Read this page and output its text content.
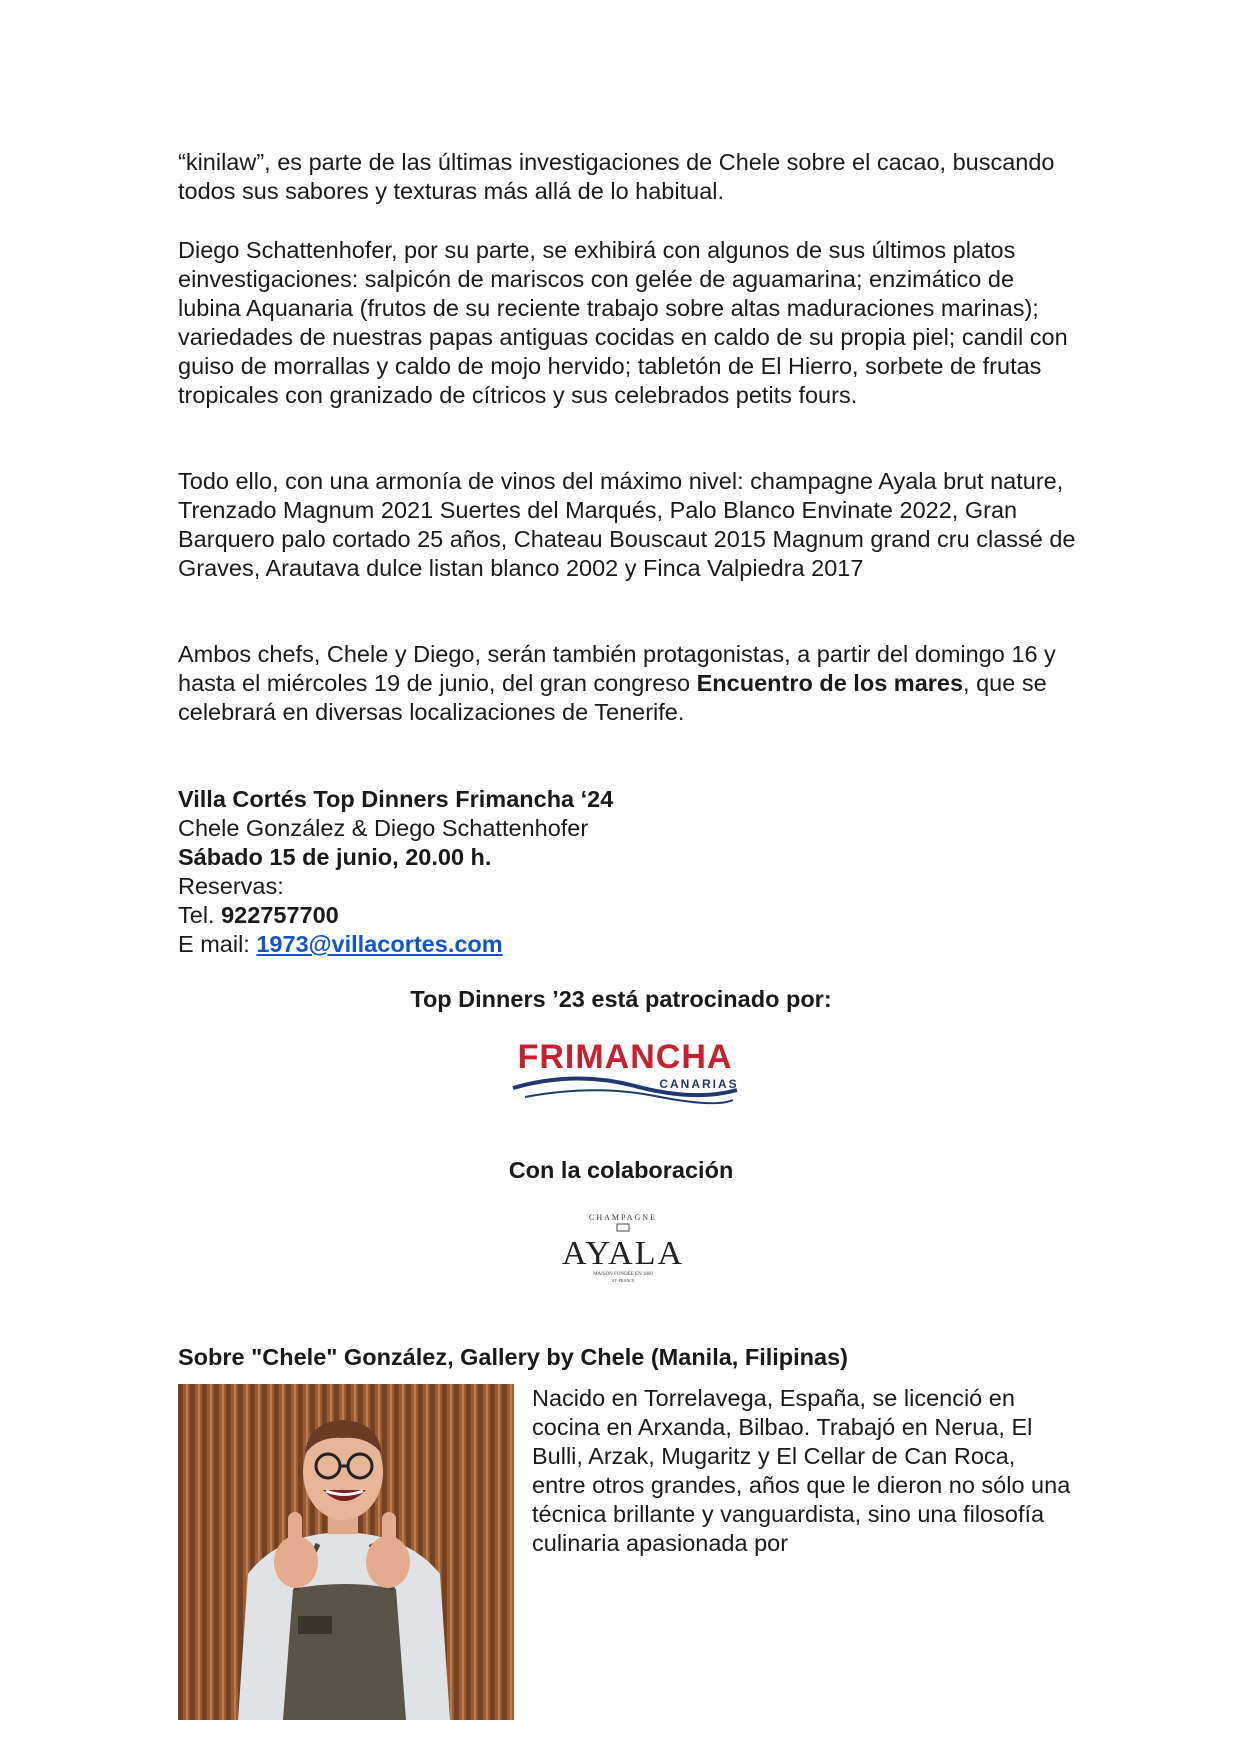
“kinilaw”, es parte de las últimas investigaciones de Chele sobre el cacao, buscando todos sus sabores y texturas más allá de lo habitual.

Diego Schattenhofer, por su parte, se exhibirá con algunos de sus últimos platos einvestigaciones: salpicón de mariscos con gelée de aguamarina; enzimático de lubina Aquanaria (frutos de su reciente trabajo sobre altas maduraciones marinas); variedades de nuestras papas antiguas cocidas en caldo de su propia piel; candil con guiso de morrallas y caldo de mojo hervido; tabletón de El Hierro, sorbete de frutas tropicales con granizado de cítricos y sus celebrados petits fours.

Todo ello, con una armonía de vinos del máximo nivel: champagne Ayala brut nature, Trenzado Magnum 2021 Suertes del Marqués, Palo Blanco Envinate 2022, Gran Barquero palo cortado 25 años, Chateau Bouscaut 2015 Magnum grand cru classé de Graves, Arautava dulce listan blanco 2002 y Finca Valpiedra 2017

Ambos chefs, Chele y Diego, serán también protagonistas, a partir del domingo 16 y hasta el miércoles 19 de junio, del gran congreso Encuentro de los mares, que se celebrará en diversas localizaciones de Tenerife.

Villa Cortés Top Dinners Frimancha ‘24
Chele González & Diego Schattenhofer
Sábado 15 de junio, 20.00 h.
Reservas:
Tel. 922757700
E mail: 1973@villacortes.com
Top Dinners ’23 está patrocinado por:
FRIMANCHA
CANARIAS
Con la colaboración
CHAMPAGNE
AYALA
MAISON FONDÉE EN 1860
AŸ-FRANCE
Sobre "Chele" González, Gallery by Chele (Manila, Filipinas)

Nacido en Torrelavega, España, se licenció en cocina en Arxanda, Bilbao. Trabajó en Nerua, El Bulli, Arzak, Mugaritz y El Cellar de Can Roca, entre otros grandes, años que le dieron no sólo una técnica brillante y vanguardista, sino una filosofía culinaria apasionada por
